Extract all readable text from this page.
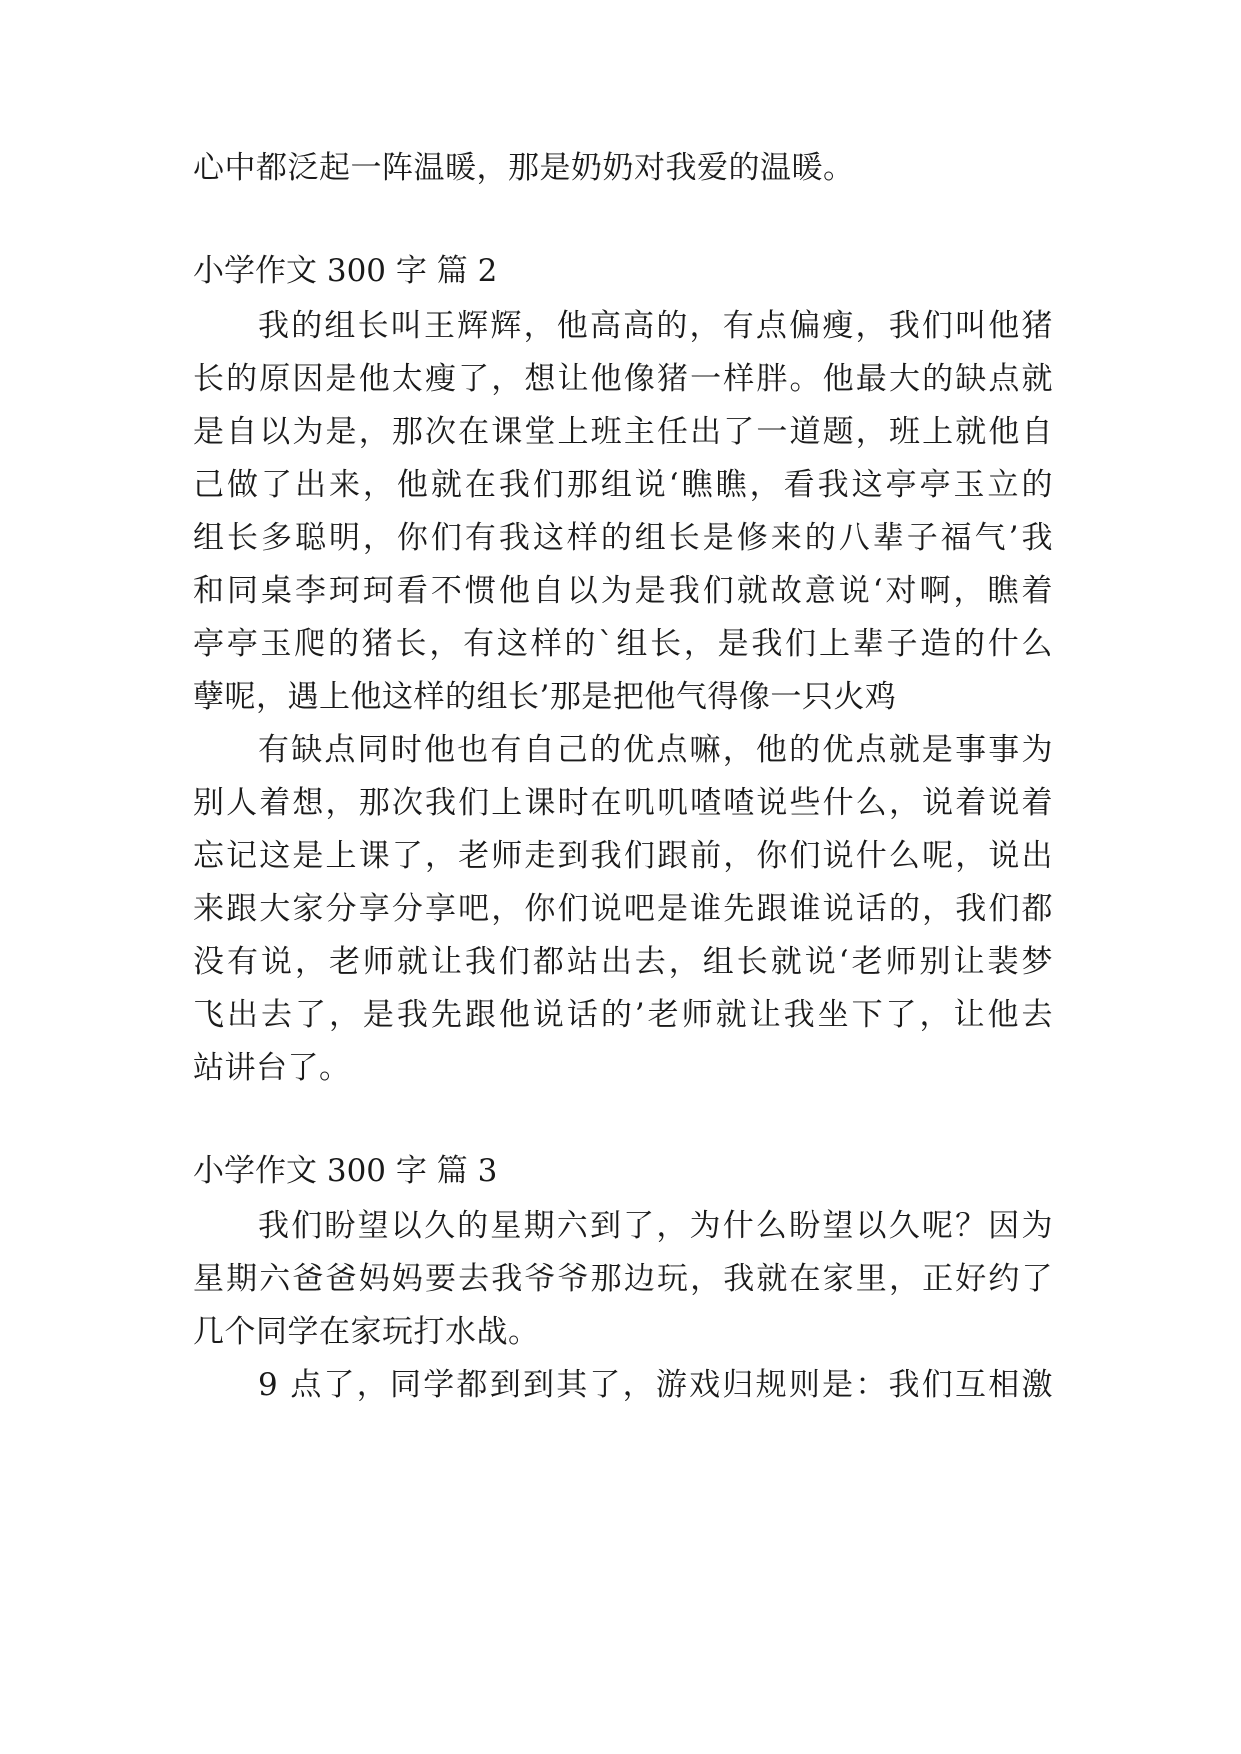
心中都泛起一阵温暖，那是奶奶对我爱的温暖。
小学作文 300 字 篇 2
我的组长叫王辉辉，他高高的，有点偏瘦，我们叫他猪
长的原因是他太瘦了，想让他像猪一样胖。他最大的缺点就
是自以为是，那次在课堂上班主任出了一道题，班上就他自
己做了出来，他就在我们那组说‘瞧瞧，看我这亭亭玉立的
组长多聪明，你们有我这样的组长是修来的八辈子福气’我
和同桌李珂珂看不惯他自以为是我们就故意说‘对啊，瞧着
亭亭玉爬的猪长，有这样的`组长，是我们上辈子造的什么
孽呢，遇上他这样的组长’那是把他气得像一只火鸡
有缺点同时他也有自己的优点嘛，他的优点就是事事为
别人着想，那次我们上课时在叽叽喳喳说些什么，说着说着
忘记这是上课了，老师走到我们跟前，你们说什么呢，说出
来跟大家分享分享吧，你们说吧是谁先跟谁说话的，我们都
没有说，老师就让我们都站出去，组长就说‘老师别让裴梦
飞出去了，是我先跟他说话的’老师就让我坐下了，让他去
站讲台了。
小学作文 300 字 篇 3
我们盼望以久的星期六到了，为什么盼望以久呢？因为
星期六爸爸妈妈要去我爷爷那边玩，我就在家里，正好约了
几个同学在家玩打水战。
9 点了，同学都到到其了，游戏归规则是：我们互相激
